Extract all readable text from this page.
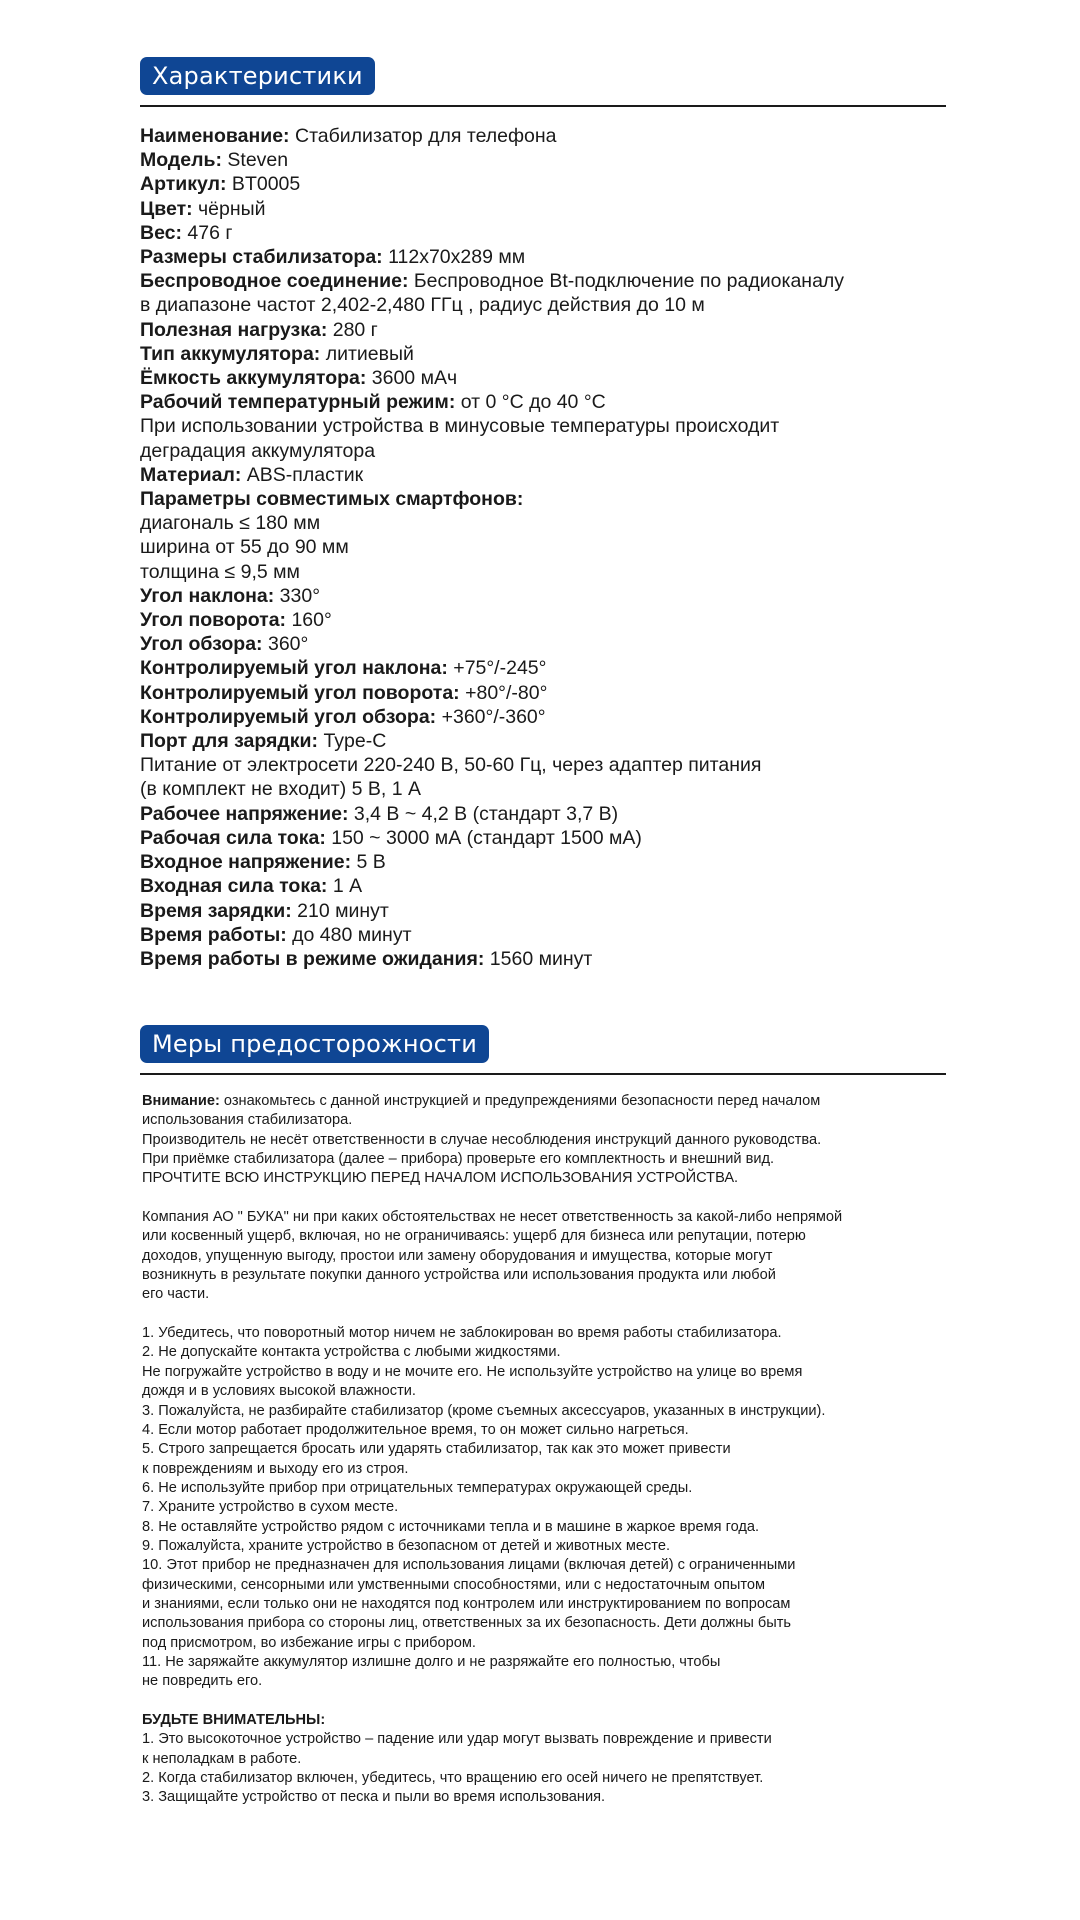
Характеристики
Наименование: Стабилизатор для телефона
Модель: Steven
Артикул: BT0005
Цвет: чёрный
Вес: 476 г
Размеры стабилизатора: 112х70х289 мм
Беспроводное соединение: Беспроводное Bt-подключение по радиоканалу
в диапазоне частот 2,402-2,480 ГГц , радиус действия до 10 м
Полезная нагрузка: 280 г
Тип аккумулятора: литиевый
Ёмкость аккумулятора: 3600 мАч
Рабочий температурный режим: от 0 °С до 40 °С
При использовании устройства в минусовые температуры происходит
деградация аккумулятора
Материал: ABS-пластик
Параметры совместимых смартфонов:
диагональ ≤ 180 мм
ширина от 55 до 90 мм
толщина ≤ 9,5 мм
Угол наклона: 330°
Угол поворота: 160°
Угол обзора: 360°
Контролируемый угол наклона: +75°/-245°
Контролируемый угол поворота: +80°/-80°
Контролируемый угол обзора: +360°/-360°
Порт для зарядки: Type-C
Питание от электросети 220-240 В, 50-60 Гц, через адаптер питания
(в комплект не входит) 5 В, 1 А
Рабочее напряжение: 3,4 В ~ 4,2 В (стандарт 3,7 В)
Рабочая сила тока: 150 ~ 3000 мА (стандарт 1500 мА)
Входное напряжение: 5 В
Входная сила тока: 1 А
Время зарядки: 210 минут
Время работы: до 480 минут
Время работы в режиме ожидания: 1560 минут
Меры предосторожности
Внимание: ознакомьтесь с данной инструкцией и предупреждениями безопасности перед началом
использования стабилизатора.
Производитель не несёт ответственности в случае несоблюдения инструкций данного руководства.
При приёмке стабилизатора (далее – прибора) проверьте его комплектность и внешний вид.
ПРОЧТИТЕ ВСЮ ИНСТРУКЦИЮ ПЕРЕД НАЧАЛОМ ИСПОЛЬЗОВАНИЯ УСТРОЙСТВА.
Компания АО " БУКА" ни при каких обстоятельствах не несет ответственность за какой-либо непрямой
или косвенный ущерб, включая, но не ограничиваясь: ущерб для бизнеса или репутации, потерю
доходов, упущенную выгоду, простои или замену оборудования и имущества, которые могут
возникнуть в результате покупки данного устройства или использования продукта или любой
его части.
1. Убедитесь, что поворотный мотор ничем не заблокирован во время работы стабилизатора.
2. Не допускайте контакта устройства с любыми жидкостями.
Не погружайте устройство в воду и не мочите его. Не используйте устройство на улице во время
дождя и в условиях высокой влажности.
3. Пожалуйста, не разбирайте стабилизатор (кроме съемных аксессуаров, указанных в инструкции).
4. Если мотор работает продолжительное время, то он может сильно нагреться.
5. Строго запрещается бросать или ударять стабилизатор, так как это может привести
к повреждениям и выходу его из строя.
6. Не используйте прибор при отрицательных температурах окружающей среды.
7. Храните устройство в сухом месте.
8. Не оставляйте устройство рядом с источниками тепла и в машине в жаркое время года.
9. Пожалуйста, храните устройство в безопасном от детей и животных месте.
10. Этот прибор не предназначен для использования лицами (включая детей) с ограниченными
физическими, сенсорными или умственными способностями, или с недостаточным опытом
и знаниями, если только они не находятся под контролем или инструктированием по вопросам
использования прибора со стороны лиц, ответственных за их безопасность. Дети должны быть
под присмотром, во избежание игры с прибором.
11. Не заряжайте аккумулятор излишне долго и не разряжайте его полностью, чтобы
не повредить его.
БУДЬТЕ ВНИМАТЕЛЬНЫ:
1. Это высокоточное устройство – падение или удар могут вызвать повреждение и привести
к неполадкам в работе.
2. Когда стабилизатор включен, убедитесь, что вращению его осей ничего не препятствует.
3. Защищайте устройство от песка и пыли во время использования.
